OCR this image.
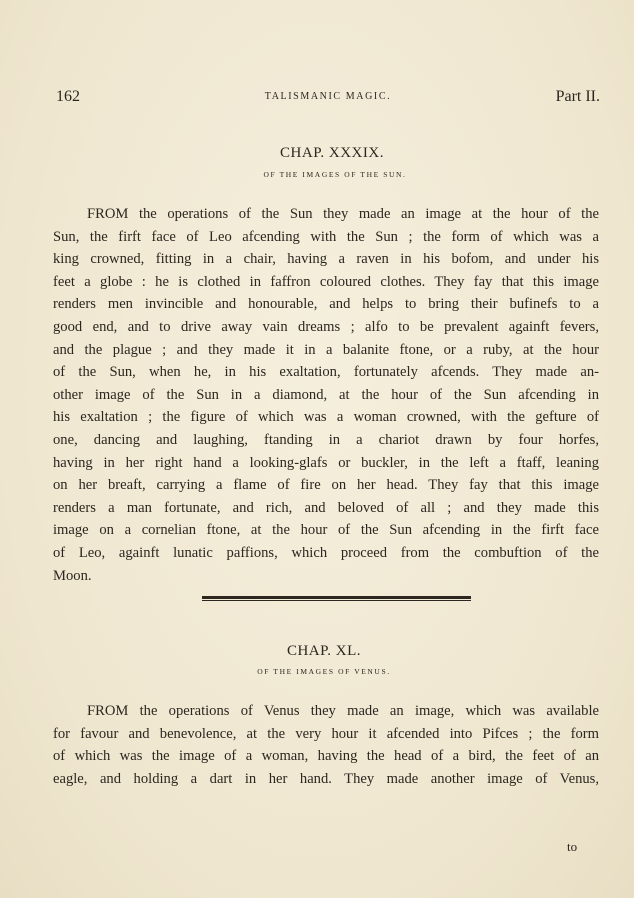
162	TALISMANIC MAGIC.	Part II.
CHAP. XXXIX.
OF THE IMAGES OF THE SUN.
FROM the operations of the Sun they made an image at the hour of the
Sun, the firft face of Leo afcending with the Sun ; the form of which was a
king crowned, fitting in a chair, having a raven in his bofom, and under his
feet a globe : he is clothed in faffron coloured clothes. They fay that this image
renders men invincible and honourable, and helps to bring their bufinefs to a
good end, and to drive away vain dreams ; alfo to be prevalent againft fevers,
and the plague ; and they made it in a balanite ftone, or a ruby, at the hour
of the Sun, when he, in his exaltation, fortunately afcends. They made an-
other image of the Sun in a diamond, at the hour of the Sun afcending in
his exaltation ; the figure of which was a woman crowned, with the gefture of
one, dancing and laughing, ftanding in a chariot drawn by four horfes,
having in her right hand a looking-glafs or buckler, in the left a ftaff, leaning
on her breaft, carrying a flame of fire on her head. They fay that this image
renders a man fortunate, and rich, and beloved of all ; and they made this
image on a cornelian ftone, at the hour of the Sun afcending in the firft face
of Leo, againft lunatic paffions, which proceed from the combuftion of the
Moon.
CHAP. XL.
OF THE IMAGES OF VENUS.
FROM the operations of Venus they made an image, which was available
for favour and benevolence, at the very hour it afcended into Pifces ; the form
of which was the image of a woman, having the head of a bird, the feet of an
eagle, and holding a dart in her hand. They made another image of Venus,
to
